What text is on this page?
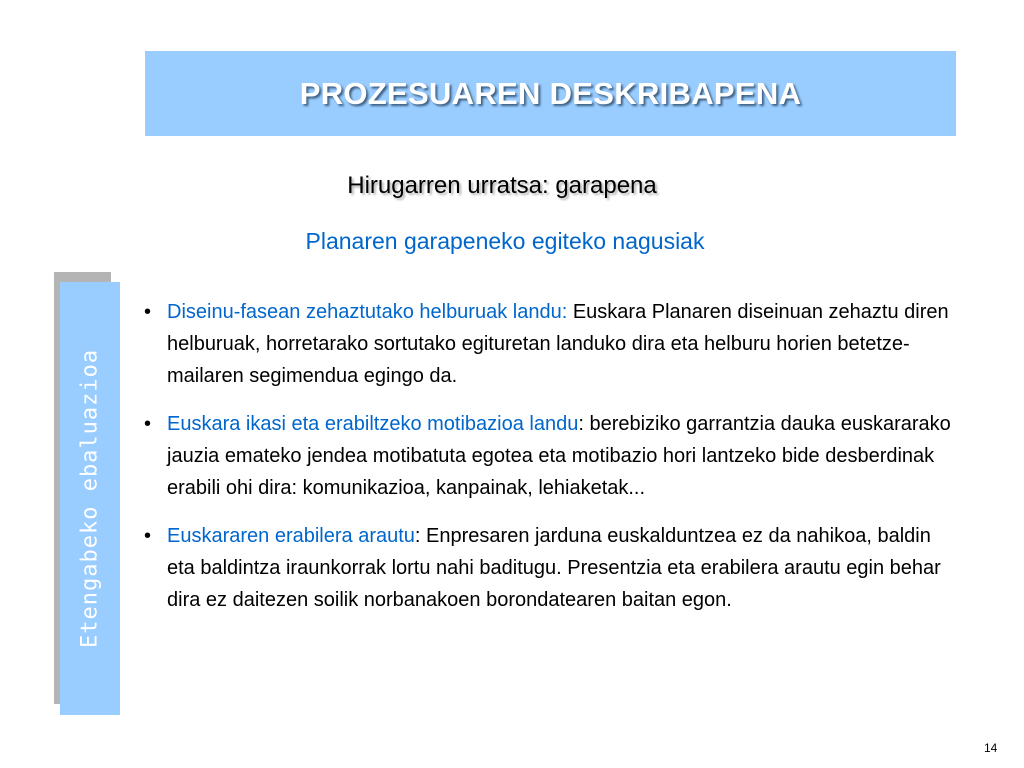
PROZESUAREN DESKRIBAPENA
Hirugarren urratsa: garapena
Planaren garapeneko egiteko nagusiak
Etengabeko ebaluazioa
• Diseinu-fasean zehaztutako helburuak landu: Euskara Planaren diseinuan zehaztu diren helburuak, horretarako sortutako egituretan landuko dira eta helburu horien betetze-mailaren segimendua egingo da.
• Euskara ikasi eta erabiltzeko motibazioa landu: berebiziko garrantzia dauka euskararako jauzia emateko jendea motibatuta egotea eta motibazio hori lantzeko bide desberdinak erabili ohi dira: komunikazioa, kanpainak, lehiaketak...
• Euskararen erabilera arautu: Enpresaren jarduna euskalduntzea ez da nahikoa, baldin eta baldintza iraunkorrak lortu nahi baditugu. Presentzia eta erabilera arautu egin behar dira ez daitezen soilik norbanakoen borondatearen baitan egon.
14
